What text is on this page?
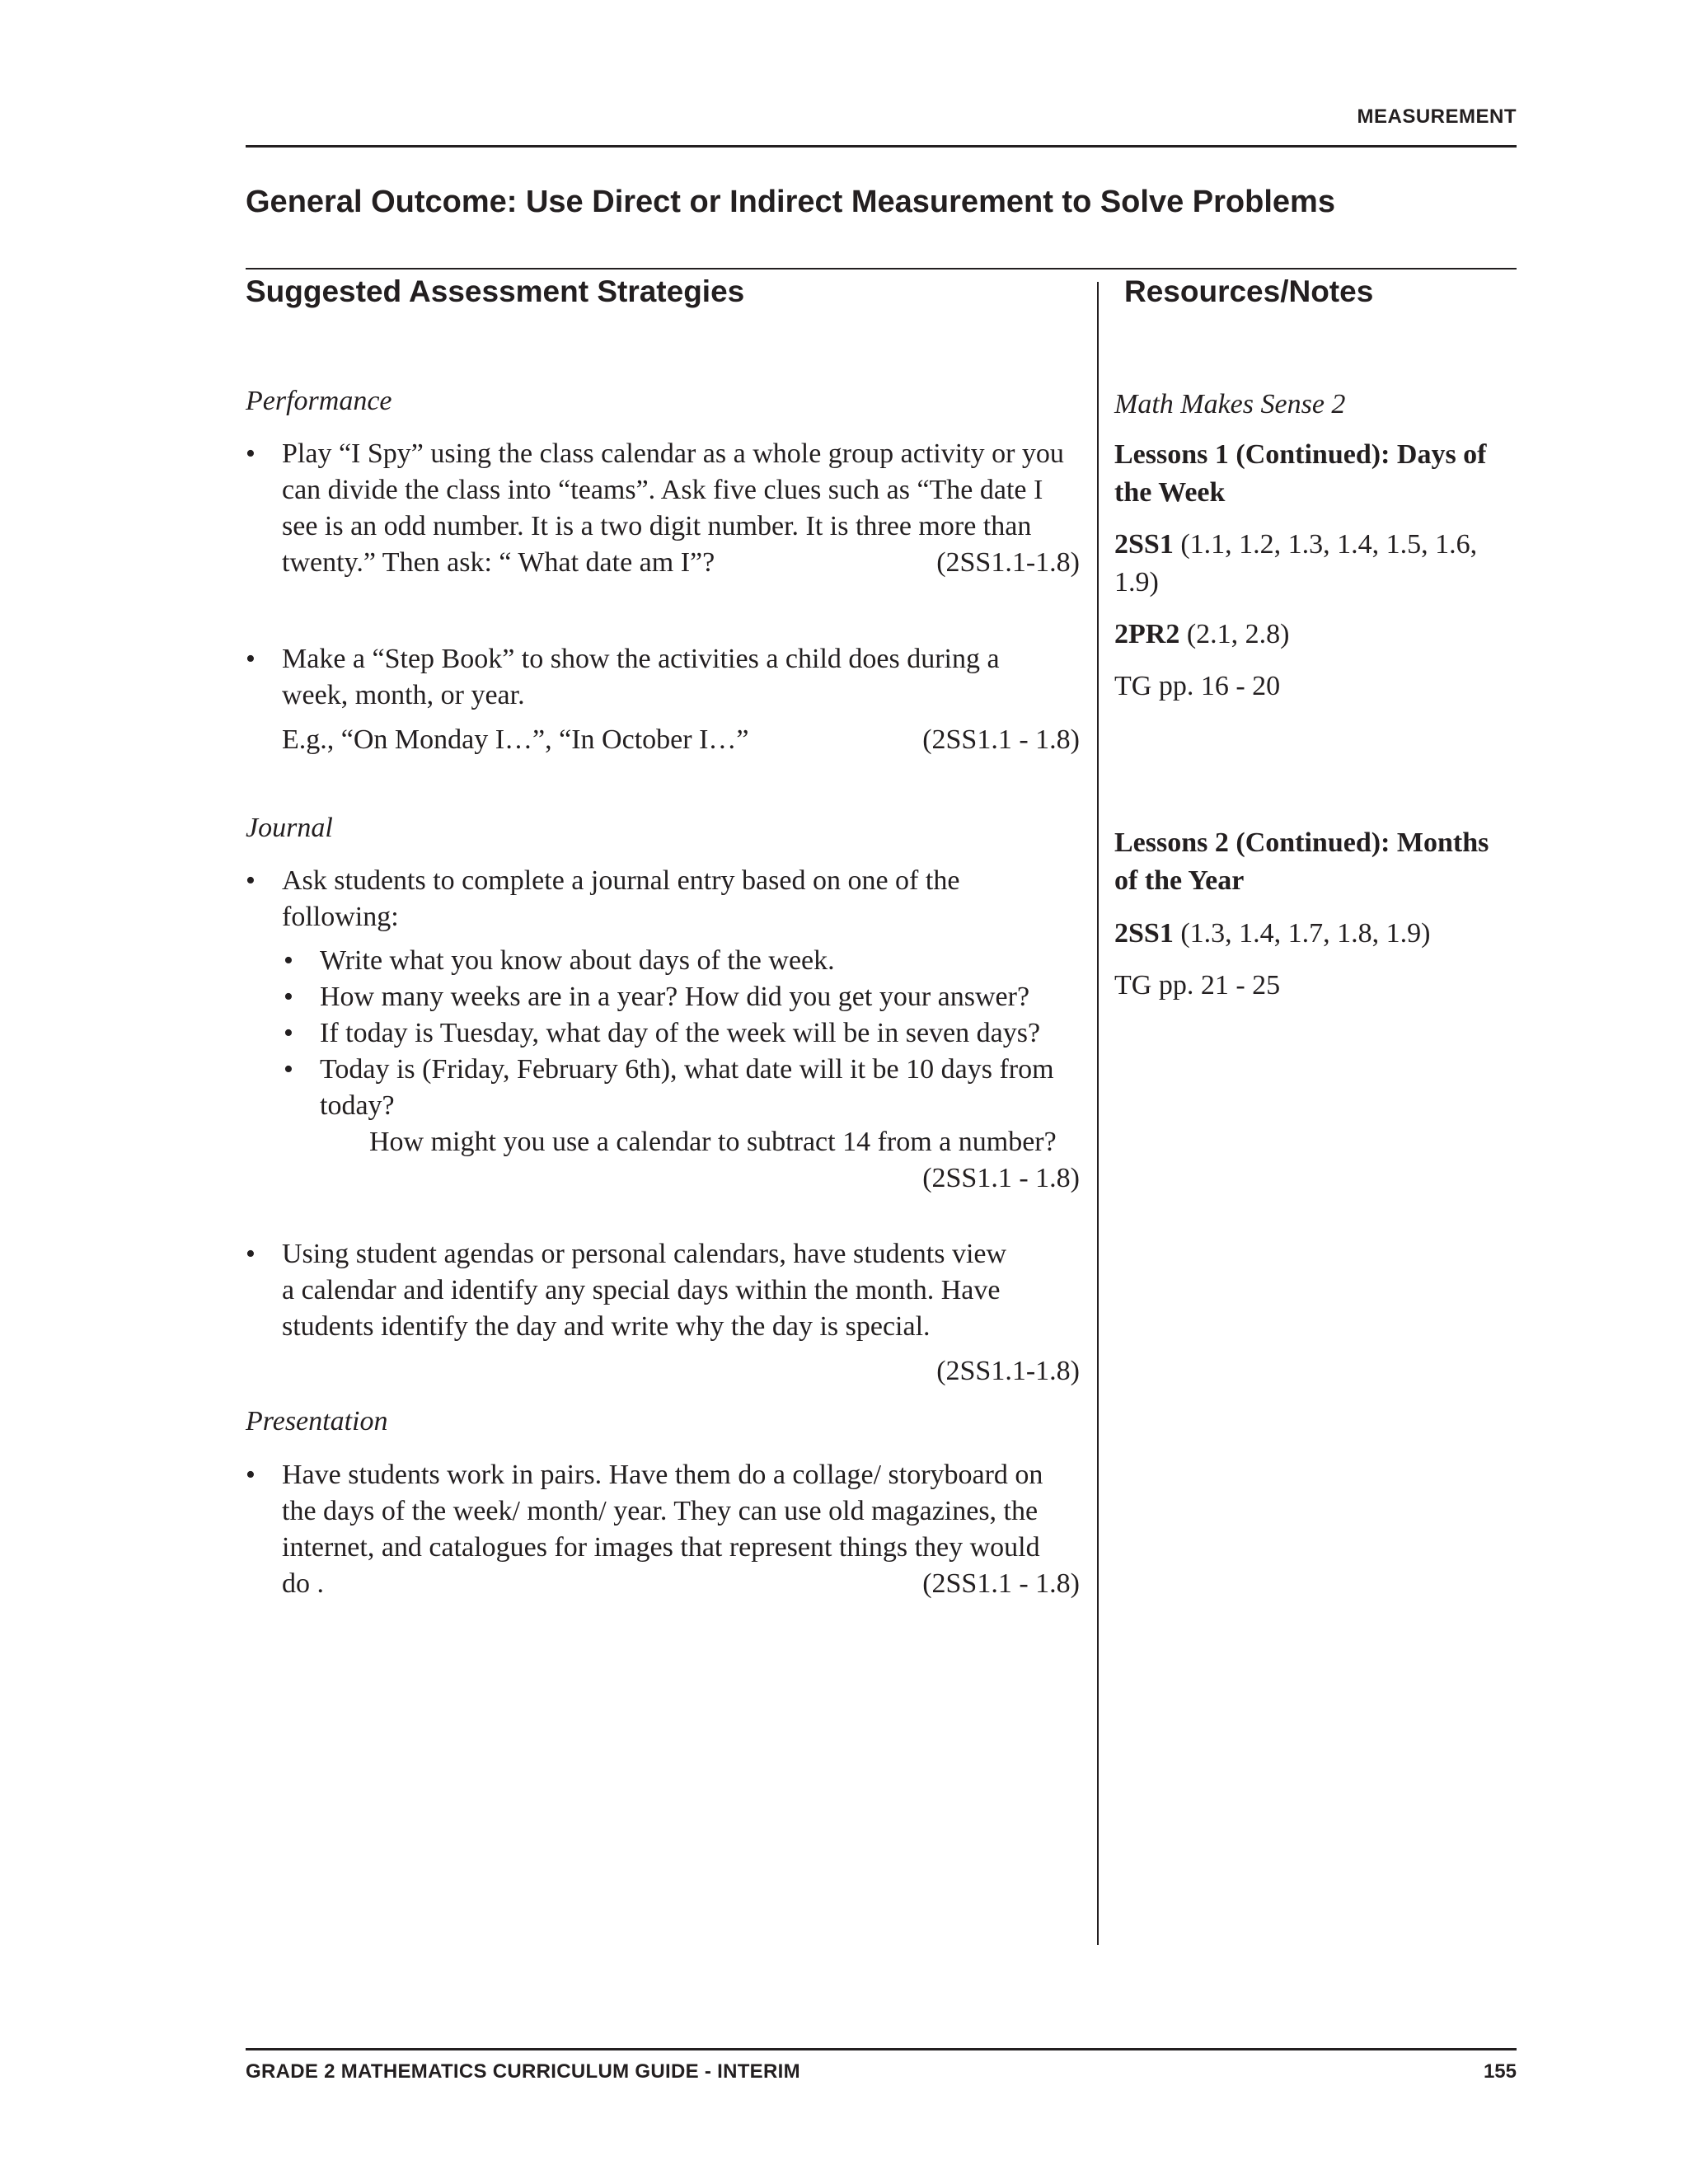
MEASUREMENT
General Outcome: Use Direct or Indirect Measurement to Solve Problems
Suggested Assessment Strategies	Resources/Notes
Performance
• Play “I Spy” using the class calendar as a whole group activity or you
can divide the class into “teams”. Ask five clues such as “The date I
see is an odd number. It is a two digit number. It is three more than
twenty.” Then ask: “ What date am I”?	(2SS1.1-1.8)
• Make a “Step Book” to show the activities a child does during a
week, month, or year.
E.g., “On Monday I…”, “In October I…”	(2SS1.1 - 1.8)
Journal
• Ask students to complete a journal entry based on one of the
following:
• Write what you know about days of the week.
• How many weeks are in a year? How did you get your answer?
• If today is Tuesday, what day of the week will be in seven days?
• Today is (Friday, February 6th), what date will it be 10 days from
today?
How might you use a calendar to subtract 14 from a number?
(2SS1.1 - 1.8)
• Using student agendas or personal calendars, have students view
a calendar and identify any special days within the month. Have
students identify the day and write why the day is special.
(2SS1.1-1.8)
Presentation
• Have students work in pairs. Have them do a collage/ storyboard on
the days of the week/ month/ year. They can use old magazines, the
internet, and catalogues for images that represent things they would
do .	(2SS1.1 - 1.8)
Math Makes Sense 2
Lessons 1 (Continued): Days of
the Week
2SS1 (1.1, 1.2, 1.3, 1.4, 1.5, 1.6,
1.9)
2PR2 (2.1, 2.8)
TG pp. 16 - 20
Lessons 2 (Continued): Months
of the Year
2SS1 (1.3, 1.4, 1.7, 1.8, 1.9)
TG pp. 21 - 25
GRADE 2 MATHEMATICS CURRICULUM GUIDE - INTERIM	155
